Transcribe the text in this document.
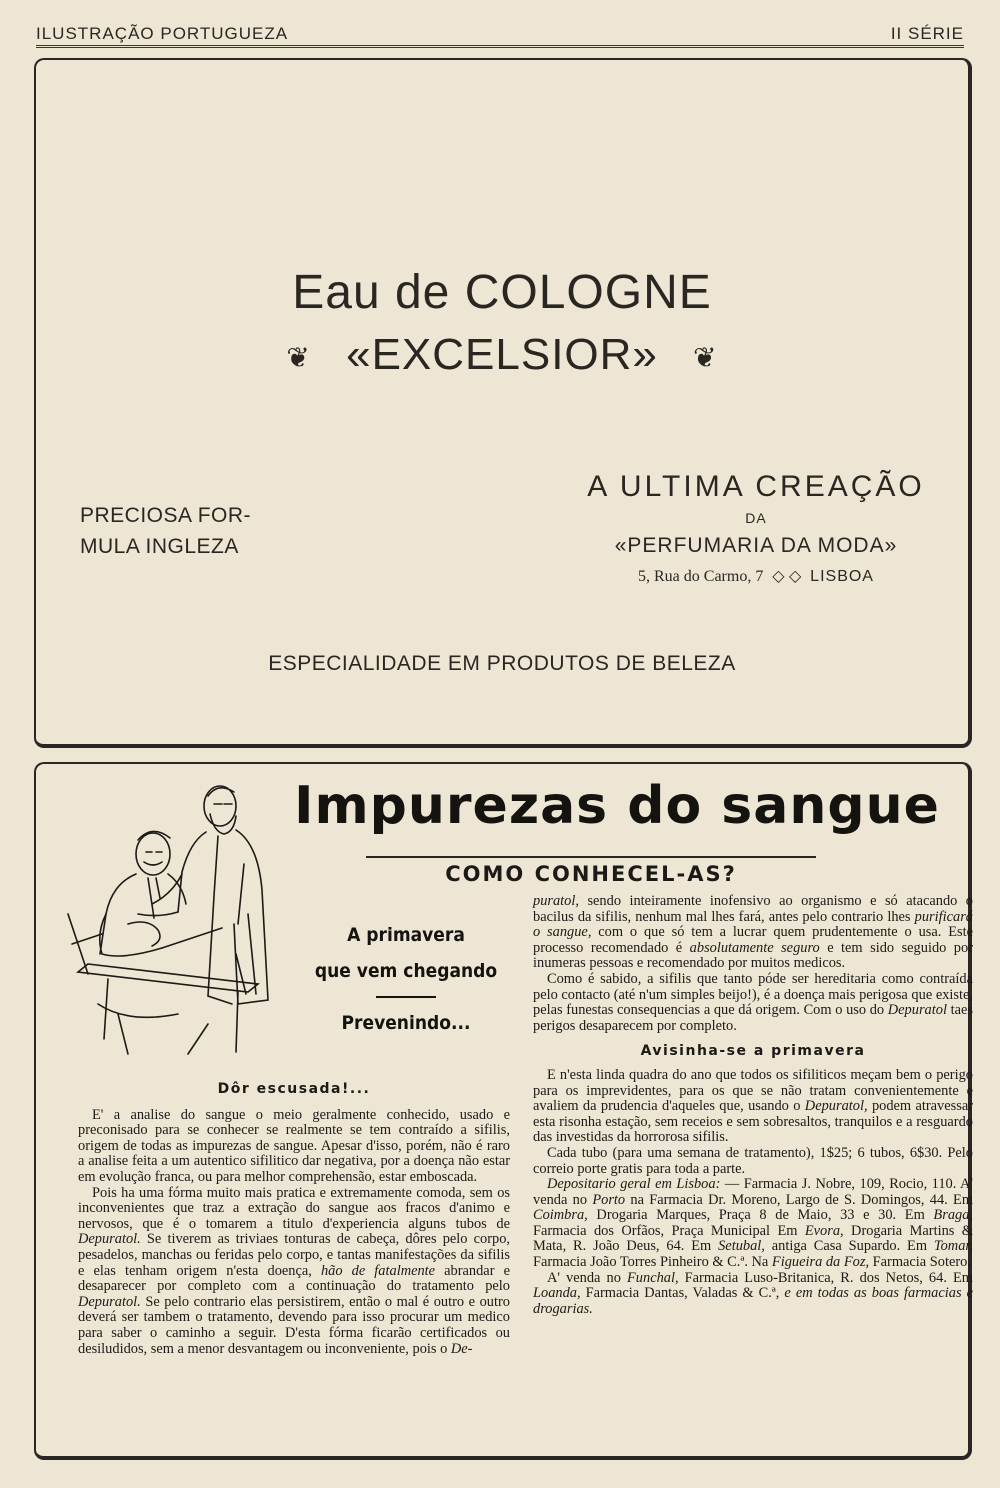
ILUSTRAÇÃO PORTUGUEZA	II SÉRIE
Eau de COLOGNE
❦ «EXCELSIOR» ❦
PRECIOSA FOR-
MULA INGLEZA
A ULTIMA CREAÇÃO
DA
«PERFUMARIA DA MODA»
5, Rua do Carmo, 7 ◇ ◇ LISBOA
ESPECIALIDADE EM PRODUTOS DE BELEZA
Impurezas do sangue
COMO CONHECEL-AS?
A primavera
que vem chegando
Prevenindo...

Dôr escusada!...

E' a analise do sangue o meio geralmente conhecido, usado e preconisado para se conhecer se realmente se tem contraído a sifilis, origem de todas as impurezas de sangue. Apesar d'isso, porém, não é raro a analise feita a um autentico sifilitico dar negativa, por a doença não estar em evolução franca, ou para melhor comprehensão, estar emboscada.

Pois ha uma fórma muito mais pratica e extremamente comoda, sem os inconvenientes que traz a extração do sangue aos fracos d'animo e nervosos, que é o tomarem a titulo d'experiencia alguns tubos de Depuratol. Se tiverem as triviaes tonturas de cabeça, dôres pelo corpo, pesadelos, manchas ou feridas pelo corpo, e tantas manifestações da sifilis e elas tenham origem n'esta doença, hão de fatalmente abrandar e desaparecer por completo com a continuação do tratamento pelo Depuratol. Se pelo contrario elas persistirem, então o mal é outro e outro deverá ser tambem o tratamento, devendo para isso procurar um medico para saber o caminho a seguir. D'esta fórma ficarão certificados ou desiludidos, sem a menor desvantagem ou inconveniente, pois o De-

puratol, sendo inteiramente inofensivo ao organismo e só atacando o bacilus da sifilis, nenhum mal lhes fará, antes pelo contrario lhes purificará o sangue, com o que só tem a lucrar quem prudentemente o usa. Este processo recomendado é absolutamente seguro e tem sido seguido por inumeras pessoas e recomendado por muitos medicos.

Como é sabido, a sifilis que tanto póde ser hereditaria como contraída pelo contacto (até n'um simples beijo!), é a doença mais perigosa que existe, pelas funestas consequencias a que dá origem. Com o uso do Depuratol taes perigos desaparecem por completo.

Avisinha-se a primavera

E n'esta linda quadra do ano que todos os sifiliticos meçam bem o perigo para os imprevidentes, para os que se não tratam convenientemente e avaliem da prudencia d'aqueles que, usando o Depuratol, podem atravessar esta risonha estação, sem receios e sem sobresaltos, tranquilos e a resguardo das investidas da horrorosa sifilis.

Cada tubo (para uma semana de tratamento), 1$25; 6 tubos, 6$30. Pelo correio porte gratis para toda a parte.

Depositario geral em Lisboa: — Farmacia J. Nobre, 109, Rocio, 110. A' venda no Porto na Farmacia Dr. Moreno, Largo de S. Domingos, 44. Em Coimbra, Drogaria Marques, Praça 8 de Maio, 33 e 30. Em Braga, Farmacia dos Orfãos, Praça Municipal Em Evora, Drogaria Martins & Mata, R. João Deus, 64. Em Setubal, antiga Casa Supardo. Em Tomar, Farmacia João Torres Pinheiro & C.ª. Na Figueira da Foz, Farmacia Sotero.

A' venda no Funchal, Farmacia Luso-Britanica, R. dos Netos, 64. Em Loanda, Farmacia Dantas, Valadas & C.ª, e em todas as boas farmacias e drogarias.
